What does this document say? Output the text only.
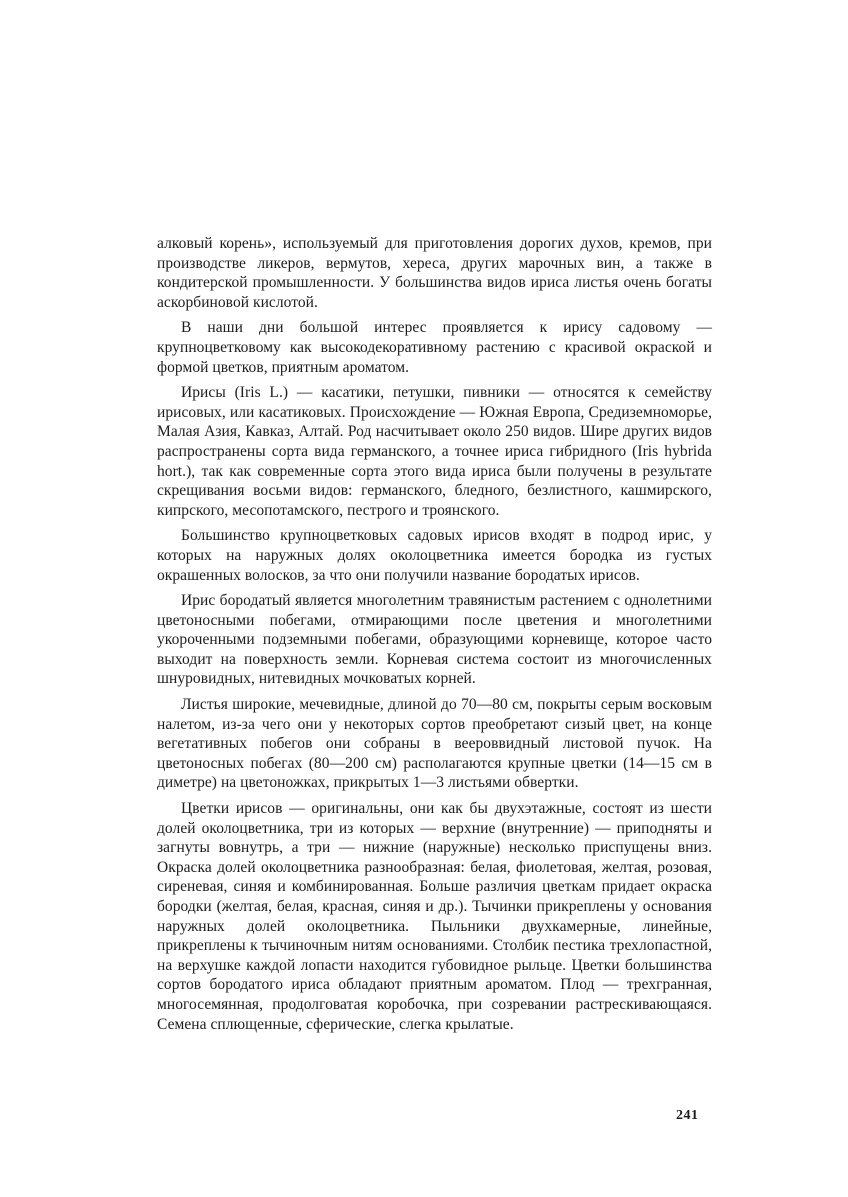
алковый корень», используемый для приготовления дорогих духов, кремов, при производстве ликеров, вермутов, хереса, других марочных вин, а также в кондитерской промышленности. У большинства видов ириса листья очень богаты аскорбиновой кислотой.

В наши дни большой интерес проявляется к ирису садовому — крупноцветковому как высокодекоративному растению с красивой окраской и формой цветков, приятным ароматом.

Ирисы (Iris L.) — касатики, петушки, пивники — относятся к семейству ирисовых, или касатиковых. Происхождение — Южная Европа, Средиземноморье, Малая Азия, Кавказ, Алтай. Род насчитывает около 250 видов. Шире других видов распространены сорта вида германского, а точнее ириса гибридного (Iris hybrida hort.), так как современные сорта этого вида ириса были получены в результате скрещивания восьми видов: германского, бледного, безлистного, кашмирского, кипрского, месопотамского, пестрого и троянского.

Большинство крупноцветковых садовых ирисов входят в подрод ирис, у которых на наружных долях околоцветника имеется бородка из густых окрашенных волосков, за что они получили название бородатых ирисов.

Ирис бородатый является многолетним травянистым растением с однолетними цветоносными побегами, отмирающими после цветения и многолетними укороченными подземными побегами, образующими корневище, которое часто выходит на поверхность земли. Корневая система состоит из многочисленных шнуровидных, нитевидных мочковатых корней.

Листья широкие, мечевидные, длиной до 70—80 см, покрыты серым восковым налетом, из-за чего они у некоторых сортов преобретают сизый цвет, на конце вегетативных побегов они собраны в веероввидный листовой пучок. На цветоносных побегах (80—200 см) располагаются крупные цветки (14—15 см в диметре) на цветоножках, прикрытых 1—3 листьями обвертки.

Цветки ирисов — оригинальны, они как бы двухэтажные, состоят из шести долей околоцветника, три из которых — верхние (внутренние) — приподняты и загнуты вовнутрь, а три — нижние (наружные) несколько приспущены вниз. Окраска долей околоцветника разнообразная: белая, фиолетовая, желтая, розовая, сиреневая, синяя и комбинированная. Больше различия цветкам придает окраска бородки (желтая, белая, красная, синяя и др.). Тычинки прикреплены у основания наружных долей околоцветника. Пыльники двухкамерные, линейные, прикреплены к тычиночным нитям основаниями. Столбик пестика трехлопастной, на верхушке каждой лопасти находится губовидное рыльце. Цветки большинства сортов бородатого ириса обладают приятным ароматом. Плод — трехгранная, многосемянная, продолговатая коробочка, при созревании растрескивающаяся. Семена сплющенные, сферические, слегка крылатые.

241
